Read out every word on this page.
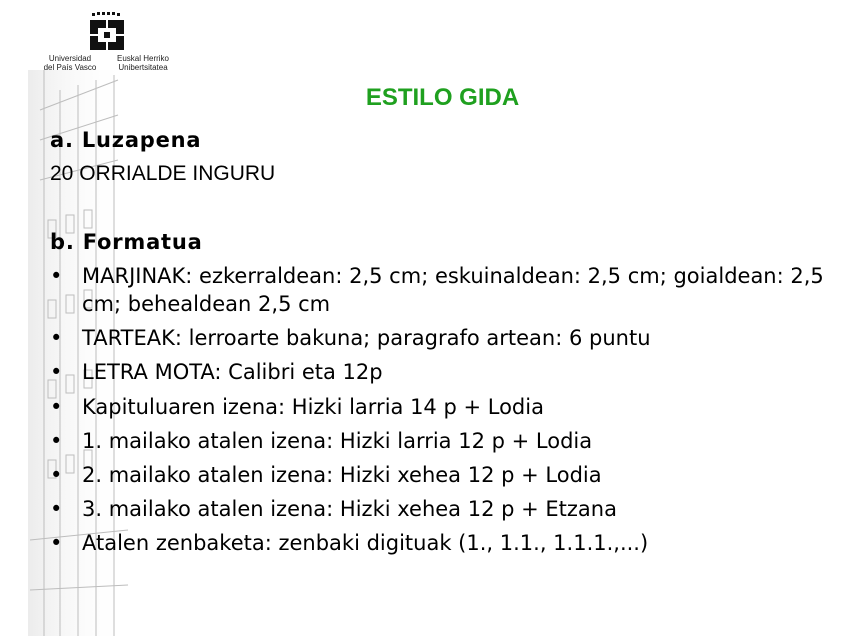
Universidad
del País Vasco
Euskal Herriko
Unibertsitatea
ESTILO GIDA
a. Luzapena
20 ORRIALDE INGURU
b. Formatua
• MARJINAK: ezkerraldean: 2,5 cm; eskuinaldean: 2,5 cm; goialdean: 2,5 cm; behealdean 2,5 cm
• TARTEAK: lerroarte bakuna; paragrafo artean: 6 puntu
• LETRA MOTA: Calibri eta 12p
• Kapituluaren izena: Hizki larria 14 p + Lodia
• 1. mailako atalen izena: Hizki larria 12 p + Lodia
• 2. mailako atalen izena: Hizki xehea 12 p + Lodia
• 3. mailako atalen izena: Hizki xehea 12 p + Etzana
• Atalen zenbaketa: zenbaki digituak (1., 1.1., 1.1.1.,...)
